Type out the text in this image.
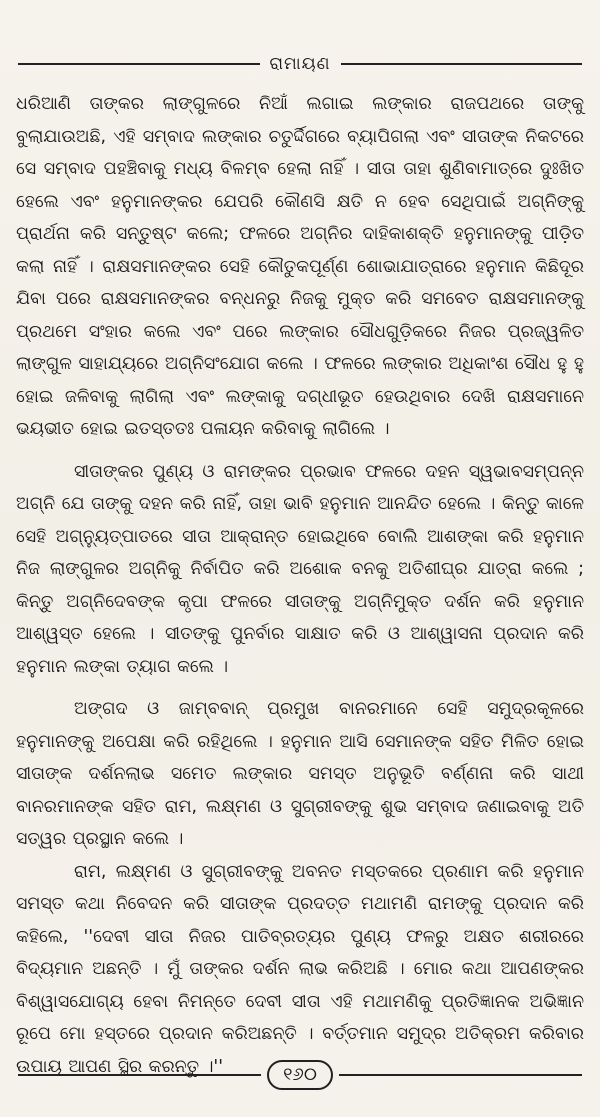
ରାମାୟଣ

ଧରିଆଣି ତାଙ୍କର ଲାଙ୍ଗୁଳରେ ନିଆଁ ଲଗାଇ ଲଙ୍କାର ରାଜପଥରେ ତାଙ୍କୁ ବୁଲାଯାଉଅଛି, ଏହି ସମ୍ବାଦ ଲଙ୍କାର ଚତୁର୍ଦ୍ଦିଗରେ ବ୍ୟାପିଗଲା ଏବଂ ସୀତାଙ୍କ ନିକଟରେ ସେ ସମ୍ବାଦ ପହଞ୍ଚିବାକୁ ମଧ୍ୟ ବିଳମ୍ବ ହେଲା ନାହିଁ । ସୀତା ତାହା ଶୁଣିବାମାତ୍ରେ ଦୁଃଖିତ ହେଲେ ଏବଂ ହନୁମାନଙ୍କର ଯେପରି କୌଣସି କ୍ଷତି ନ ହେବ ସେଥିପାଇଁ ଅଗ୍ନିଙ୍କୁ ପ୍ରାର୍ଥନା କରି ସନ୍ତୁଷ୍ଟ କଲେ; ଫଳରେ ଅଗ୍ନିର ଦାହିକାଶକ୍ତି ହନୁମାନଙ୍କୁ ପୀଡ଼ିତ କଲା ନାହିଁ । ରାକ୍ଷସମାନଙ୍କର ସେହି କୌତୁକପୂର୍ଣ୍ଣ ଶୋଭାଯାତ୍ରାରେ ହନୁମାନ କିଛିଦୂର ଯିବା ପରେ ରାକ୍ଷସମାନଙ୍କର ବନ୍ଧନରୁ ନିଜକୁ ମୁକ୍ତ କରି ସମବେତ ରାକ୍ଷସମାନଙ୍କୁ ପ୍ରଥମେ ସଂହାର କଲେ ଏବଂ ପରେ ଲଙ୍କାର ସୌଧଗୁଡ଼ିକରେ ନିଜର ପ୍ରଜ୍ୱଳିତ ଲାଙ୍ଗୁଳ ସାହାଯ୍ୟରେ ଅଗ୍ନିସଂଯୋଗ କଲେ । ଫଳରେ ଲଙ୍କାର ଅଧିକାଂଶ ସୌଧ ହୁ ହୁ ହୋଇ ଜଳିବାକୁ ଲାଗିଲା ଏବଂ ଲଙ୍କାକୁ ଦଗ୍ଧୀଭୂତ ହେଉଥିବାର ଦେଖି ରାକ୍ଷସମାନେ ଭୟଭୀତ ହୋଇ ଇତସ୍ତତଃ ପଳାୟନ କରିବାକୁ ଲାଗିଲେ ।

ସୀତାଙ୍କର ପୁଣ୍ୟ ଓ ରାମଙ୍କର ପ୍ରଭାବ ଫଳରେ ଦହନ ସ୍ୱଭାବସମ୍ପନ୍ନ ଅଗ୍ନି ଯେ ତାଙ୍କୁ ଦହନ କରି ନାହିଁ, ତାହା ଭାବି ହନୁମାନ ଆନନ୍ଦିତ ହେଲେ । କିନ୍ତୁ କାଳେ ସେହି ଅଗ୍ନ୍ୟୁତ୍ପାତରେ ସୀତା ଆକ୍ରାନ୍ତ ହୋଇଥିବେ ବୋଲି ଆଶଙ୍କା କରି ହନୁମାନ ନିଜ ଲାଙ୍ଗୁଳର ଅଗ୍ନିକୁ ନିର୍ବାପିତ କରି ଅଶୋକ ବନକୁ ଅତିଶୀଘ୍ର ଯାତ୍ରା କଲେ ; କିନ୍ତୁ ଅଗ୍ନିଦେବଙ୍କ କୃପା ଫଳରେ ସୀତାଙ୍କୁ ଅଗ୍ନିମୁକ୍ତ ଦର୍ଶନ କରି ହନୁମାନ ଆଶ୍ୱସ୍ତ ହେଲେ । ସୀତଙ୍କୁ ପୁନର୍ବାର ସାକ୍ଷାତ କରି ଓ ଆଶ୍ୱାସନା ପ୍ରଦାନ କରି ହନୁମାନ ଲଙ୍କା ତ୍ୟାଗ କଲେ ।

ଅଙ୍ଗଦ ଓ ଜାମ୍ବବାନ୍ ପ୍ରମୁଖ ବାନରମାନେ ସେହି ସମୁଦ୍ରକୂଳରେ ହନୁମାନଙ୍କୁ ଅପେକ୍ଷା କରି ରହିଥିଲେ । ହନୁମାନ ଆସି ସେମାନଙ୍କ ସହିତ ମିଳିତ ହୋଇ ସୀତାଙ୍କ ଦର୍ଶନଲାଭ ସମେତ ଲଙ୍କାର ସମସ୍ତ ଅନୁଭୂତି ବର୍ଣ୍ଣନା କରି ସାଥୀ ବାନରମାନଙ୍କ ସହିତ ରାମ, ଲକ୍ଷ୍ମଣ ଓ ସୁଗ୍ରୀବଙ୍କୁ ଶୁଭ ସମ୍ବାଦ ଜଣାଇବାକୁ ଅତି ସତ୍ୱର ପ୍ରସ୍ଥାନ କଲେ ।

ରାମ, ଲକ୍ଷ୍ମଣ ଓ ସୁଗ୍ରୀବଙ୍କୁ ଅବନତ ମସ୍ତକରେ ପ୍ରଣାମ କରି ହନୁମାନ ସମସ୍ତ କଥା ନିବେଦନ କରି ସୀତାଙ୍କ ପ୍ରଦତ୍ତ ମଥାମଣି ରାମଙ୍କୁ ପ୍ରଦାନ କରି କହିଲେ, ''ଦେବୀ ସୀତା ନିଜର ପାତିବ୍ରତ୍ୟର ପୁଣ୍ୟ ଫଳରୁ ଅକ୍ଷତ ଶରୀରରେ ବିଦ୍ୟମାନ ଅଛନ୍ତି । ମୁଁ ତାଙ୍କର ଦର୍ଶନ ଲାଭ କରିଅଛି । ମୋର କଥା ଆପଣଙ୍କର ବିଶ୍ୱାସଯୋଗ୍ୟ ହେବା ନିମନ୍ତେ ଦେବୀ ସୀତା ଏହି ମଥାମଣିକୁ ପ୍ରତିଜ୍ଞାନକ ଅଭିଜ୍ଞାନ ରୂପେ ମୋ ହସ୍ତରେ ପ୍ରଦାନ କରିଅଛନ୍ତି । ବର୍ତ୍ତମାନ ସମୁଦ୍ର ଅତିକ୍ରମ କରିବାର ଉପାୟ ଆପଣ ସ୍ଥିର କରନ୍ତୁ ।''	୧୬୦
